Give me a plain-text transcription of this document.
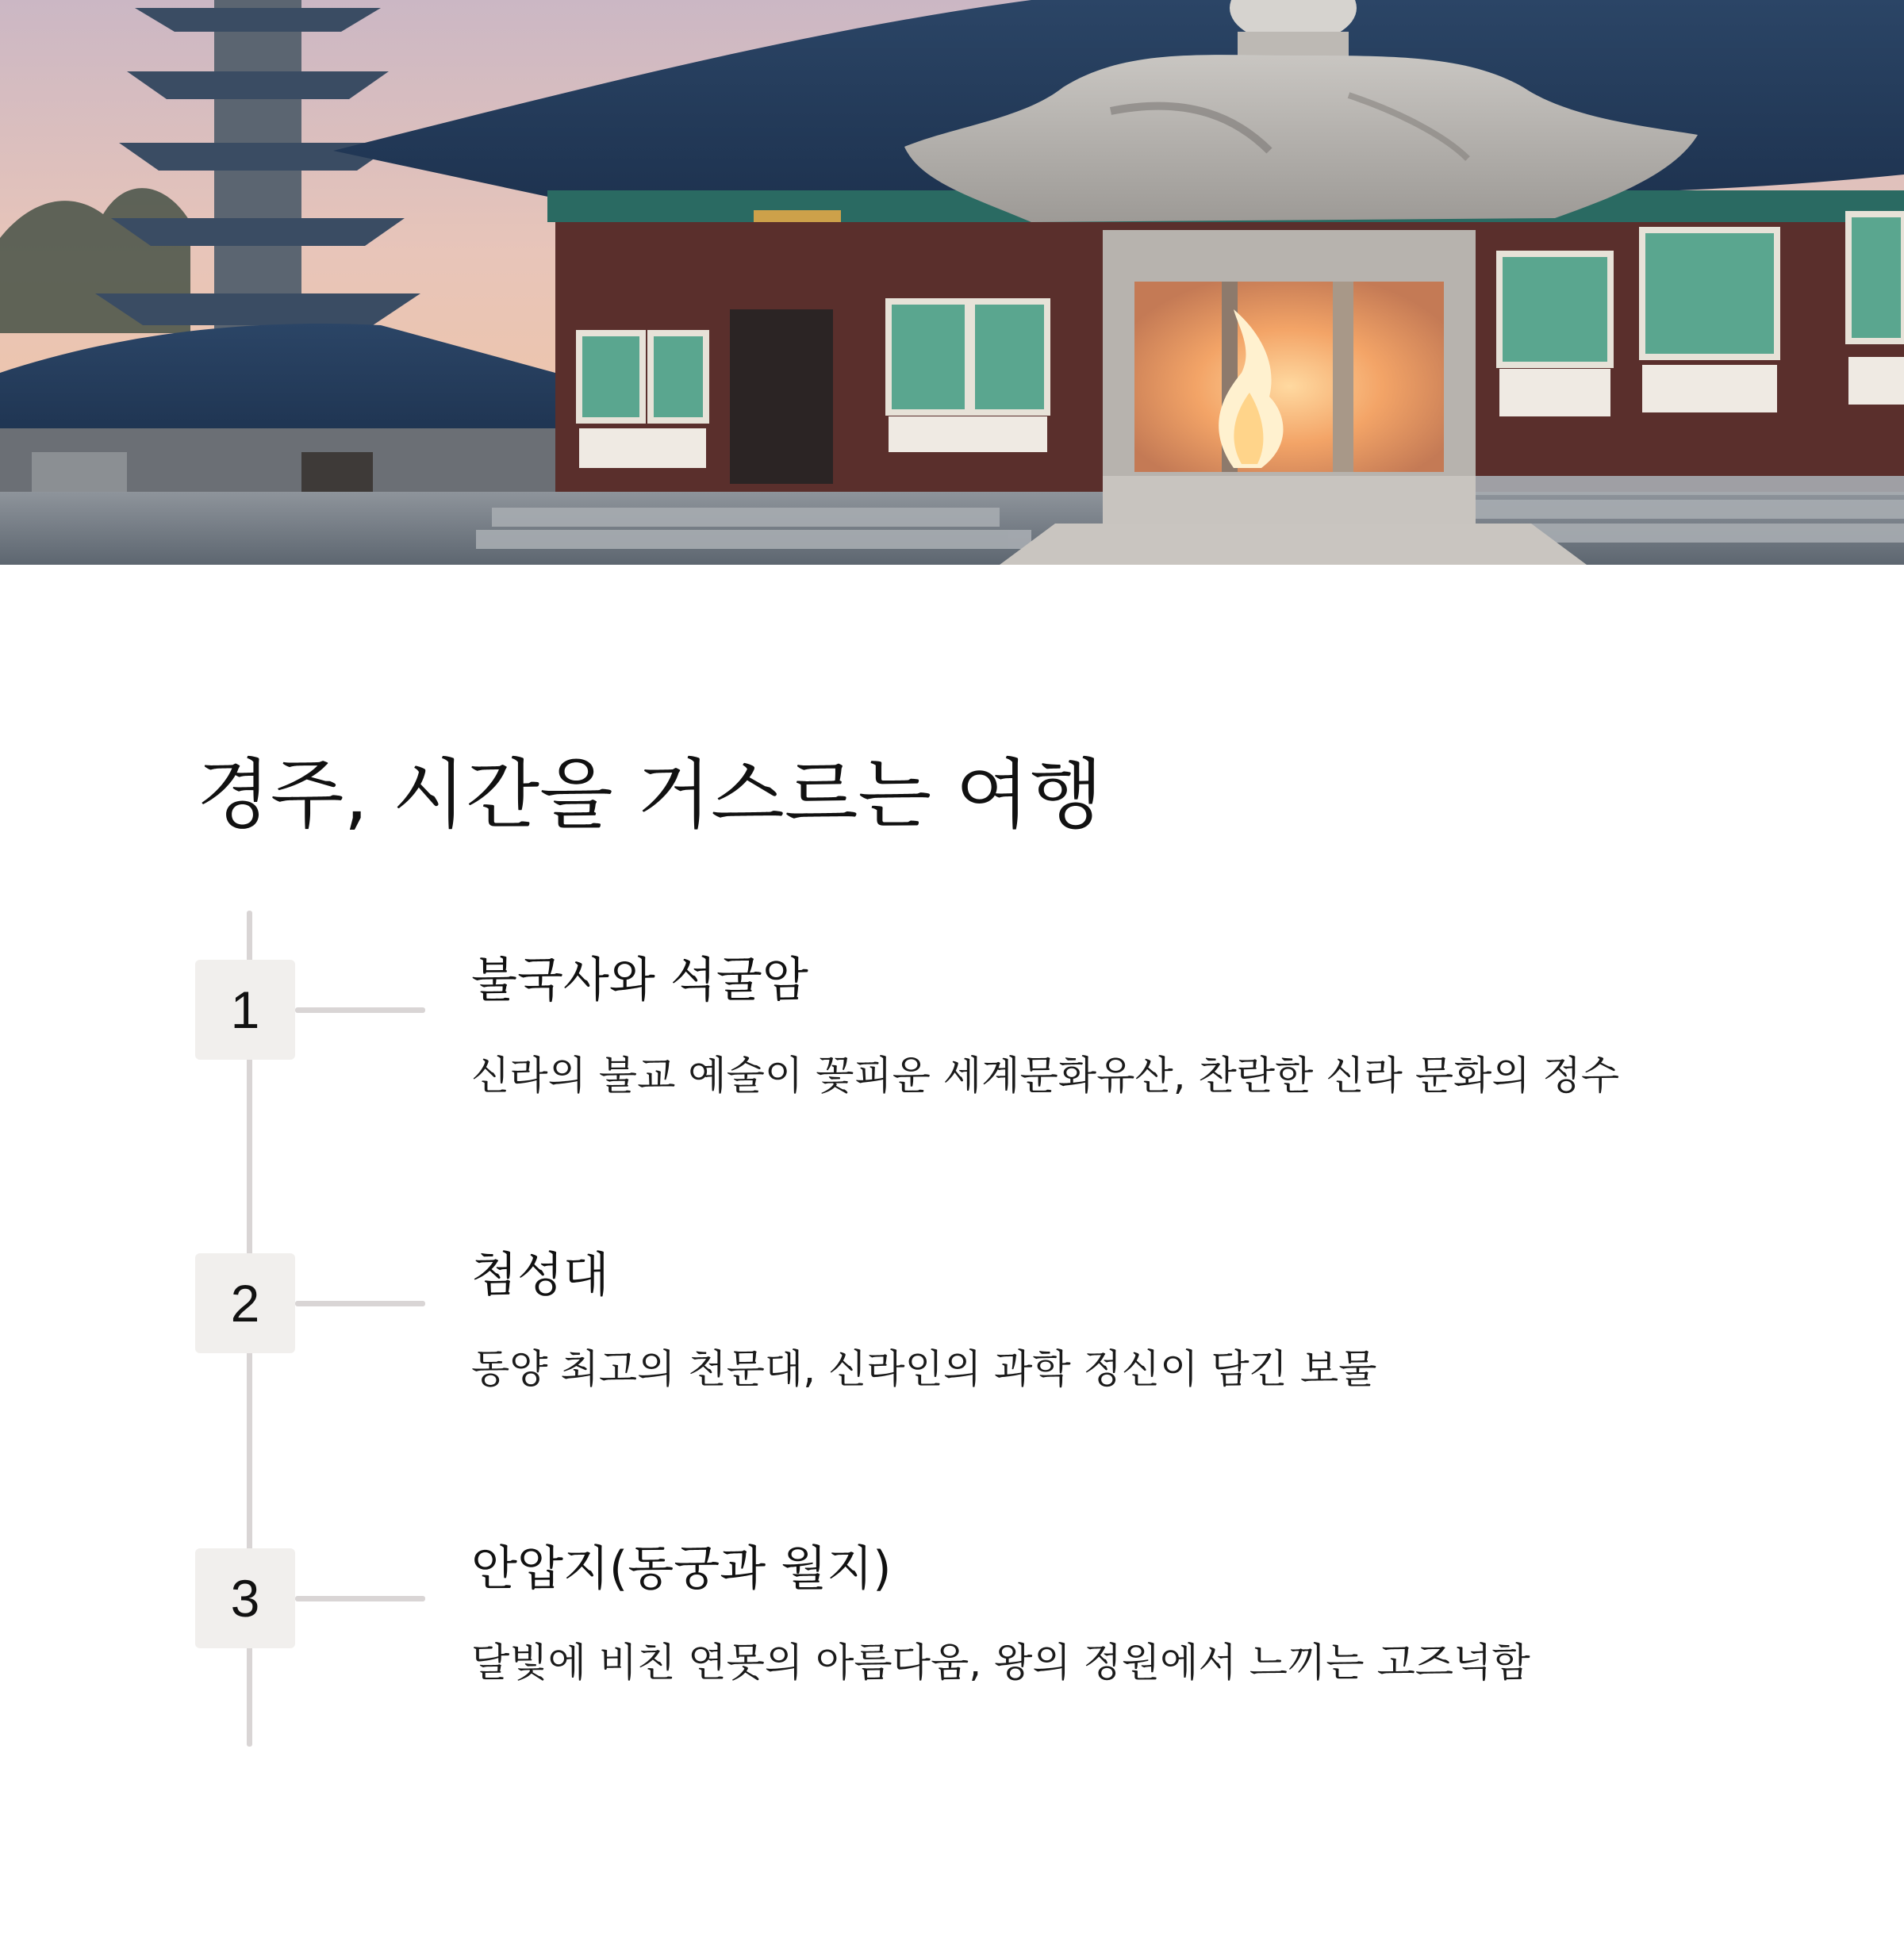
경주, 시간을 거스르는 여행
1	불국사와 석굴암

신라의 불교 예술이 꽃피운 세계문화유산, 찬란한 신라 문화의 정수

2	첨성대

동양 최고의 천문대, 신라인의 과학 정신이 담긴 보물

3	안압지(동궁과 월지)

달빛에 비친 연못의 아름다움, 왕의 정원에서 느끼는 고즈넉함
